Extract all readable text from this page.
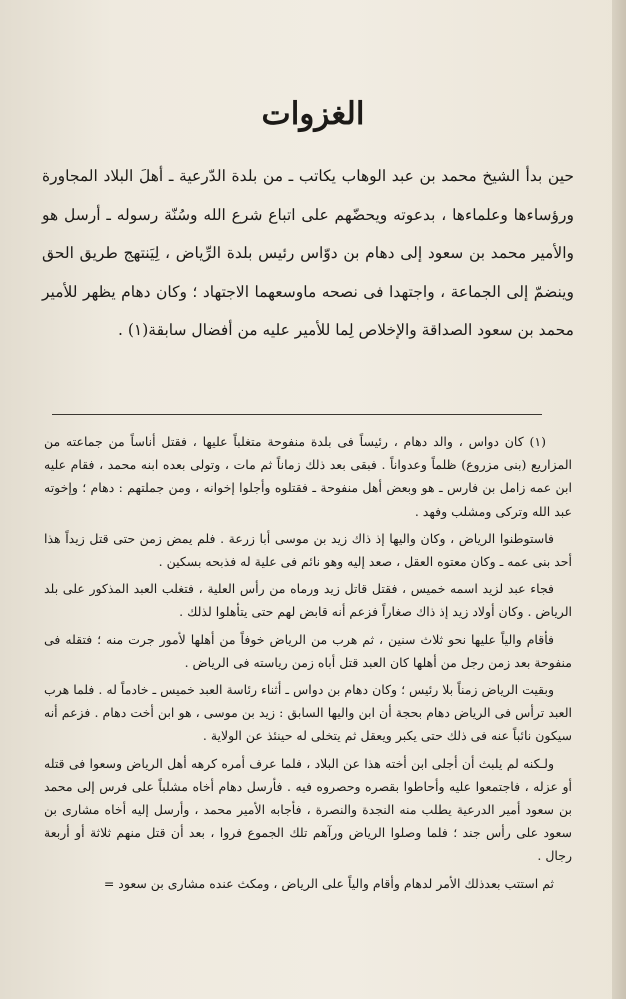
الغزوات

حين بدأ الشيخ محمد بن عبد الوهاب يكاتب ـ من بلدة الدّرعية ـ أهلَ البلاد المجاورة ورؤساءها وعلماءها ، بدعوته ويحضّهم على اتباع شرع الله وسُنّة رسوله ـ أرسل هو والأمير محمد بن سعود إلى دهام بن دوّاس رئيس بلدة الرِّياض ، لِيَنتهج طريق الحق وينضمّ إلى الجماعة ، واجتهدا فى نصحه ماوسعهما الاجتهاد ؛ وكان دهام يظهر للأمير محمد بن سعود الصداقة والإخلاص لِما للأمير عليه من أفضال سابقة(١) .

(١) كان دواس ، والد دهام ، رئيساً فى بلدة منفوحة متغلباً عليها ، فقتل أناساً من جماعته من المزاريع (بنى مزروع) ظلماً وعدواناً . فبقى بعد ذلك زماناً ثم مات ، وتولى بعده ابنه محمد ، فقام عليه ابن عمه زامل بن فارس ـ هو وبعض أهل منفوحة ـ فقتلوه وأجلوا إخوانه ، ومن جملتهم : دهام ؛ وإخوته عبد الله وتركى ومشلب وفهد .

فاستوطنوا الرياض ، وكان واليها إذ ذاك زيد بن موسى أبا زرعة . فلم يمض زمن حتى قتل زيداً هذا أحد بنى عمه ـ وكان معتوه العقل ، صعد إليه وهو نائم فى علية له فذبحه بسكين .

فجاء عبد لزيد اسمه خميس ، فقتل قاتل زيد ورماه من رأس العلية ، فتغلب العبد المذكور على بلد الرياض . وكان أولاد زيد إذ ذاك صغاراً فزعم أنه قابض لهم حتى يتأهلوا لذلك .

فأقام والياً عليها نحو ثلاث سنين ، ثم هرب من الرياض خوفاً من أهلها لأمور جرت منه ؛ فتقله فى منفوحة بعد زمن رجل من أهلها كان العبد قتل أباه زمن رياسته فى الرياض .

وبقيت الرياض زمناً بلا رئيس ؛ وكان دهام بن دواس ـ أثناء رئاسة العبد خميس ـ خادماً له . فلما هرب العبد ترأس فى الرياض دهام بحجة أن ابن واليها السابق : زيد بن موسى ، هو ابن أخت دهام . فزعم أنه سيكون نائباً عنه فى ذلك حتى يكبر ويعقل ثم يتخلى له حينئذ عن الولاية .

ولـكنه لم يلبث أن أجلى ابن أخته هذا عن البلاد ، فلما عرف أمره كرهه أهل الرياض وسعوا فى قتله أو عزله ، فاجتمعوا عليه وأحاطوا بقصره وحصروه فيه . فأرسل دهام أخاه مشلباً على فرس إلى محمد بن سعود أمير الدرعية يطلب منه النجدة والنصرة ، فأجابه الأمير محمد ، وأرسل إليه أخاه مشارى بن سعود على رأس جند ؛ فلما وصلوا الرياض ورآهم تلك الجموع فروا ، بعد أن قتل منهم ثلاثة أو أربعة رجال .

ثم استتب بعدذلك الأمر لدهام وأقام والياً على الرياض ، ومكث عنده مشارى بن سعود =
